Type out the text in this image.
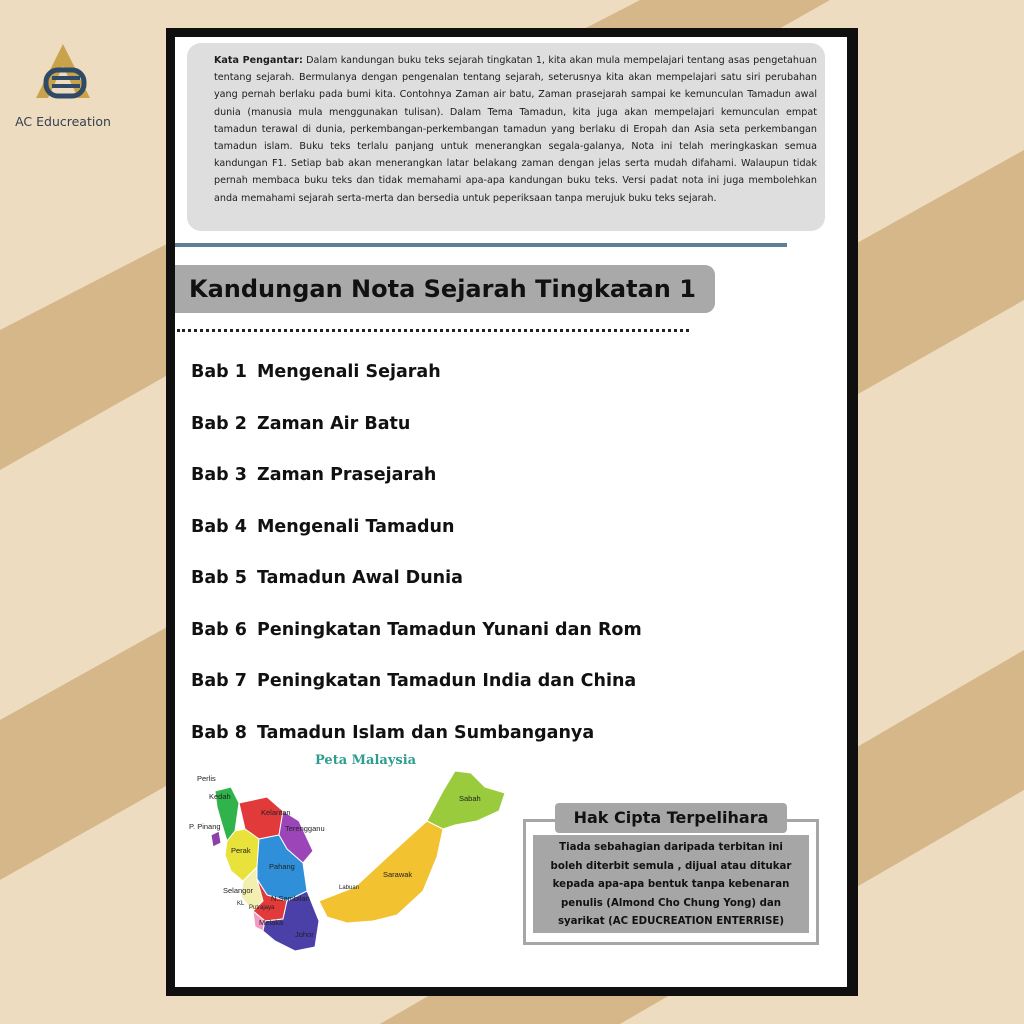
AC Educreation
Kata Pengantar: Dalam kandungan buku teks sejarah tingkatan 1, kita akan mula mempelajari tentang asas pengetahuan tentang sejarah. Bermulanya dengan pengenalan tentang sejarah, seterusnya kita akan mempelajari satu siri perubahan yang pernah berlaku pada bumi kita. Contohnya Zaman air batu, Zaman prasejarah sampai ke kemunculan Tamadun awal dunia (manusia mula menggunakan tulisan). Dalam Tema Tamadun, kita juga akan mempelajari kemunculan empat tamadun terawal di dunia, perkembangan-perkembangan tamadun yang berlaku di Eropah dan Asia seta perkembangan tamadun islam. Buku teks terlalu panjang untuk menerangkan segala-galanya, Nota ini telah meringkaskan semua kandungan F1. Setiap bab akan menerangkan latar belakang zaman dengan jelas serta mudah difahami. Walaupun tidak pernah membaca buku teks dan tidak memahami apa-apa kandungan buku teks. Versi padat nota ini juga membolehkan anda memahami sejarah serta-merta dan bersedia untuk peperiksaan tanpa merujuk buku teks sejarah.
Kandungan Nota Sejarah Tingkatan 1
Bab 1 Mengenali Sejarah
Bab 2 Zaman Air Batu
Bab 3 Zaman Prasejarah
Bab 4 Mengenali Tamadun
Bab 5 Tamadun Awal Dunia
Bab 6 Peningkatan Tamadun Yunani dan Rom
Bab 7 Peningkatan Tamadun India dan China
Bab 8 Tamadun Islam dan Sumbanganya
Peta Malaysia
Perlis
Kedah
P. Pinang
Perak
Kelantan
Terengganu
Pahang
Selangor
KL
Putrajaya
N.Sembilan
Melaka
Johor
Labuan
Sarawak
Sabah
Tiada sebahagian daripada terbitan ini
boleh diterbit semula , dijual atau ditukar
kepada apa-apa bentuk tanpa kebenaran
penulis (Almond Cho Chung Yong) dan
syarikat (AC EDUCREATION ENTERRISE)
Hak Cipta Terpelihara
